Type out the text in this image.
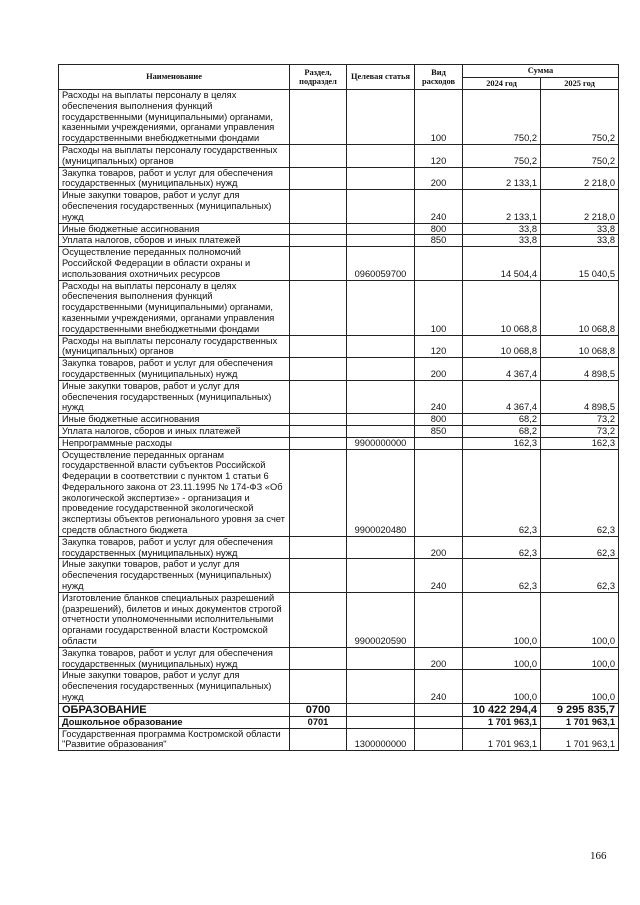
Наименование	Раздел, подраздел	Целевая статья	Вид расходов	Сумма	
				2024 год	2025 год
Расходы на выплаты персоналу в целях обеспечения выполнения функций государственными (муниципальными) органами, казенными учреждениями, органами управления государственными внебюджетными фондами			100	750,2	750,2
Расходы на выплаты персоналу государственных (муниципальных) органов			120	750,2	750,2
Закупка товаров, работ и услуг для обеспечения государственных (муниципальных) нужд			200	2 133,1	2 218,0
Иные закупки товаров, работ и услуг для обеспечения государственных (муниципальных) нужд			240	2 133,1	2 218,0
Иные бюджетные ассигнования			800	33,8	33,8
Уплата налогов, сборов и иных платежей			850	33,8	33,8
Осуществление переданных полномочий Российской Федерации в области охраны и использования охотничьих ресурсов		0960059700		14 504,4	15 040,5
Расходы на выплаты персоналу в целях обеспечения выполнения функций государственными (муниципальными) органами, казенными учреждениями, органами управления государственными внебюджетными фондами			100	10 068,8	10 068,8
Расходы на выплаты персоналу государственных (муниципальных) органов			120	10 068,8	10 068,8
Закупка товаров, работ и услуг для обеспечения государственных (муниципальных) нужд			200	4 367,4	4 898,5
Иные закупки товаров, работ и услуг для обеспечения государственных (муниципальных) нужд			240	4 367,4	4 898,5
Иные бюджетные ассигнования			800	68,2	73,2
Уплата налогов, сборов и иных платежей			850	68,2	73,2
Непрограммные расходы		9900000000		162,3	162,3
Осуществление переданных органам государственной власти субъектов Российской Федерации в соответствии с пунктом 1 статьи 6 Федерального закона от 23.11.1995 № 174-ФЗ «Об экологической экспертизе» - организация и проведение государственной экологической экспертизы объектов регионального уровня за счет средств областного бюджета		9900020480		62,3	62,3
Закупка товаров, работ и услуг для обеспечения государственных (муниципальных) нужд			200	62,3	62,3
Иные закупки товаров, работ и услуг для обеспечения государственных (муниципальных) нужд			240	62,3	62,3
Изготовление бланков специальных разрешений (разрешений), билетов и иных документов строгой отчетности уполномоченными исполнительными органами государственной власти Костромской области		9900020590		100,0	100,0
Закупка товаров, работ и услуг для обеспечения государственных (муниципальных) нужд			200	100,0	100,0
Иные закупки товаров, работ и услуг для обеспечения государственных (муниципальных) нужд			240	100,0	100,0
ОБРАЗОВАНИЕ	0700			10 422 294,4	9 295 835,7
Дошкольное образование	0701			1 701 963,1	1 701 963,1
Государственная программа Костромской области "Развитие образования"		1300000000		1 701 963,1	1 701 963,1
166
